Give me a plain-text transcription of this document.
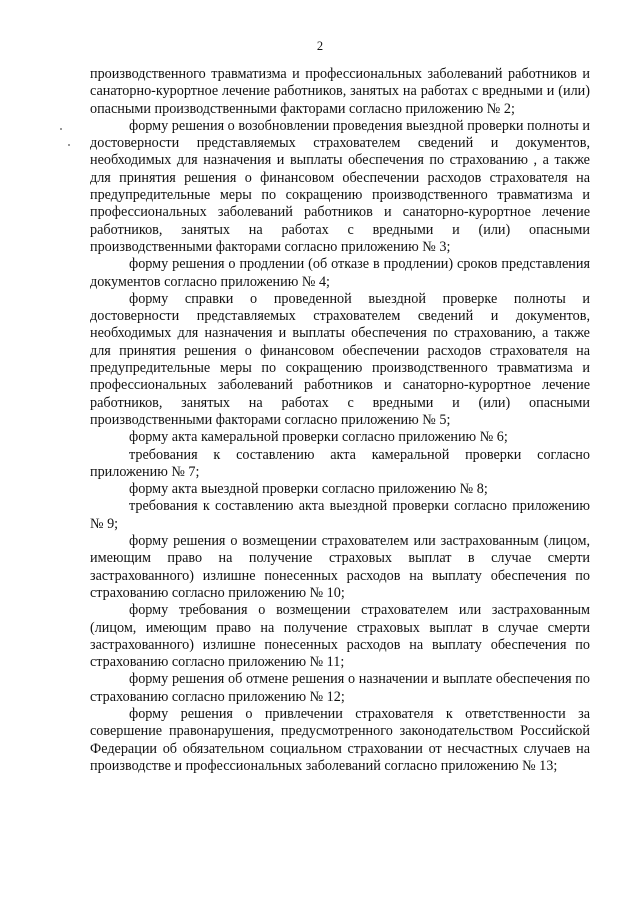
2

производственного травматизма и профессиональных заболеваний работников и санаторно-курортное лечение работников, занятых на работах с вредными и (или) опасными производственными факторами согласно приложению № 2;

форму решения о возобновлении проведения выездной проверки полноты и достоверности представляемых страхователем сведений и документов, необходимых для назначения и выплаты обеспечения по страхованию , а также для принятия решения о финансовом обеспечении расходов страхователя на предупредительные меры по сокращению производственного травматизма и профессиональных заболеваний работников и санаторно-курортное лечение работников, занятых на работах с вредными и (или) опасными производственными факторами согласно приложению № 3;

форму решения о продлении (об отказе в продлении) сроков представления документов согласно приложению № 4;

форму справки о проведенной выездной проверке полноты и достоверности представляемых страхователем сведений и документов, необходимых для назначения и выплаты обеспечения по страхованию, а также для принятия решения о финансовом обеспечении расходов страхователя на предупредительные меры по сокращению производственного травматизма и профессиональных заболеваний работников и санаторно-курортное лечение работников, занятых на работах с вредными и (или) опасными производственными факторами согласно приложению № 5;

форму акта камеральной проверки согласно приложению № 6;

требования к составлению акта камеральной проверки согласно приложению № 7;

форму акта выездной проверки согласно приложению № 8;

требования к составлению акта выездной проверки согласно приложению № 9;

форму решения о возмещении страхователем или застрахованным (лицом, имеющим право на получение страховых выплат в случае смерти застрахованного) излишне понесенных расходов на выплату обеспечения по страхованию согласно приложению № 10;

форму требования о возмещении страхователем или застрахованным (лицом, имеющим право на получение страховых выплат в случае смерти застрахованного) излишне понесенных расходов на выплату обеспечения по страхованию согласно приложению № 11;

форму решения об отмене решения о назначении и выплате обеспечения по страхованию согласно приложению № 12;

форму решения о привлечении страхователя к ответственности за совершение правонарушения, предусмотренного законодательством Российской Федерации об обязательном социальном страховании от несчастных случаев на производстве и профессиональных заболеваний согласно приложению № 13;
